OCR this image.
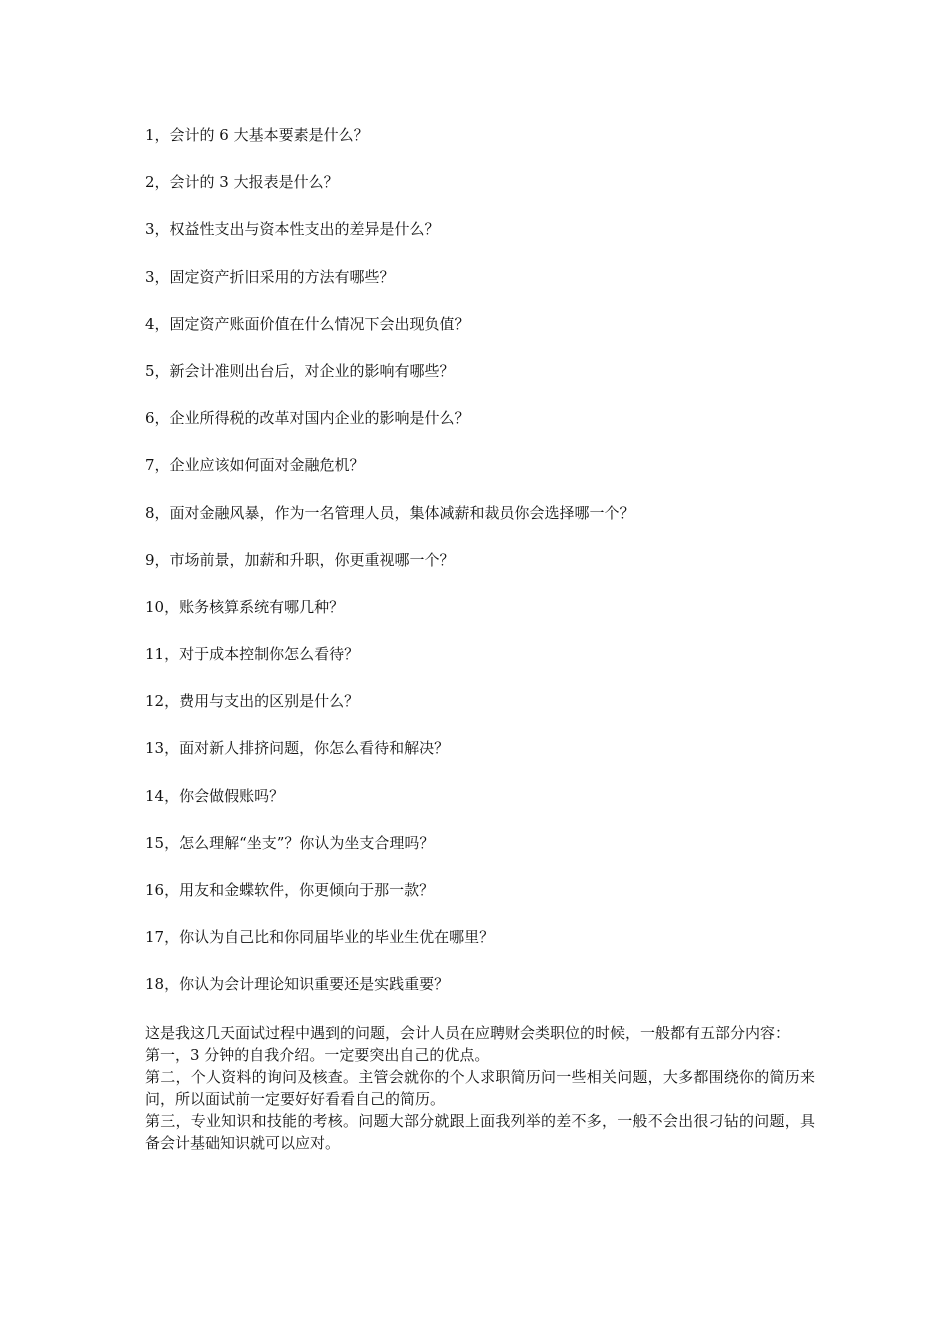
1，会计的 6 大基本要素是什么？
2，会计的 3 大报表是什么？
3，权益性支出与资本性支出的差异是什么？
3，固定资产折旧采用的方法有哪些？
4，固定资产账面价值在什么情况下会出现负值？
5，新会计准则出台后，对企业的影响有哪些？
6，企业所得税的改革对国内企业的影响是什么？
7，企业应该如何面对金融危机？
8，面对金融风暴，作为一名管理人员，集体减薪和裁员你会选择哪一个？
9，市场前景，加薪和升职，你更重视哪一个？
10，账务核算系统有哪几种？
11，对于成本控制你怎么看待？
12，费用与支出的区别是什么？
13，面对新人排挤问题，你怎么看待和解决？
14，你会做假账吗？
15，怎么理解“坐支”？你认为坐支合理吗？
16，用友和金蝶软件，你更倾向于那一款？
17，你认为自己比和你同届毕业的毕业生优在哪里？
18，你认为会计理论知识重要还是实践重要？

这是我这几天面试过程中遇到的问题，会计人员在应聘财会类职位的时候，一般都有五部分内容：

第一，3 分钟的自我介绍。一定要突出自己的优点。

第二，个人资料的询问及核查。主管会就你的个人求职简历问一些相关问题，大多都围绕你的简历来问，所以面试前一定要好好看看自己的简历。

第三，专业知识和技能的考核。问题大部分就跟上面我列举的差不多，一般不会出很刁钻的问题，具备会计基础知识就可以应对。
